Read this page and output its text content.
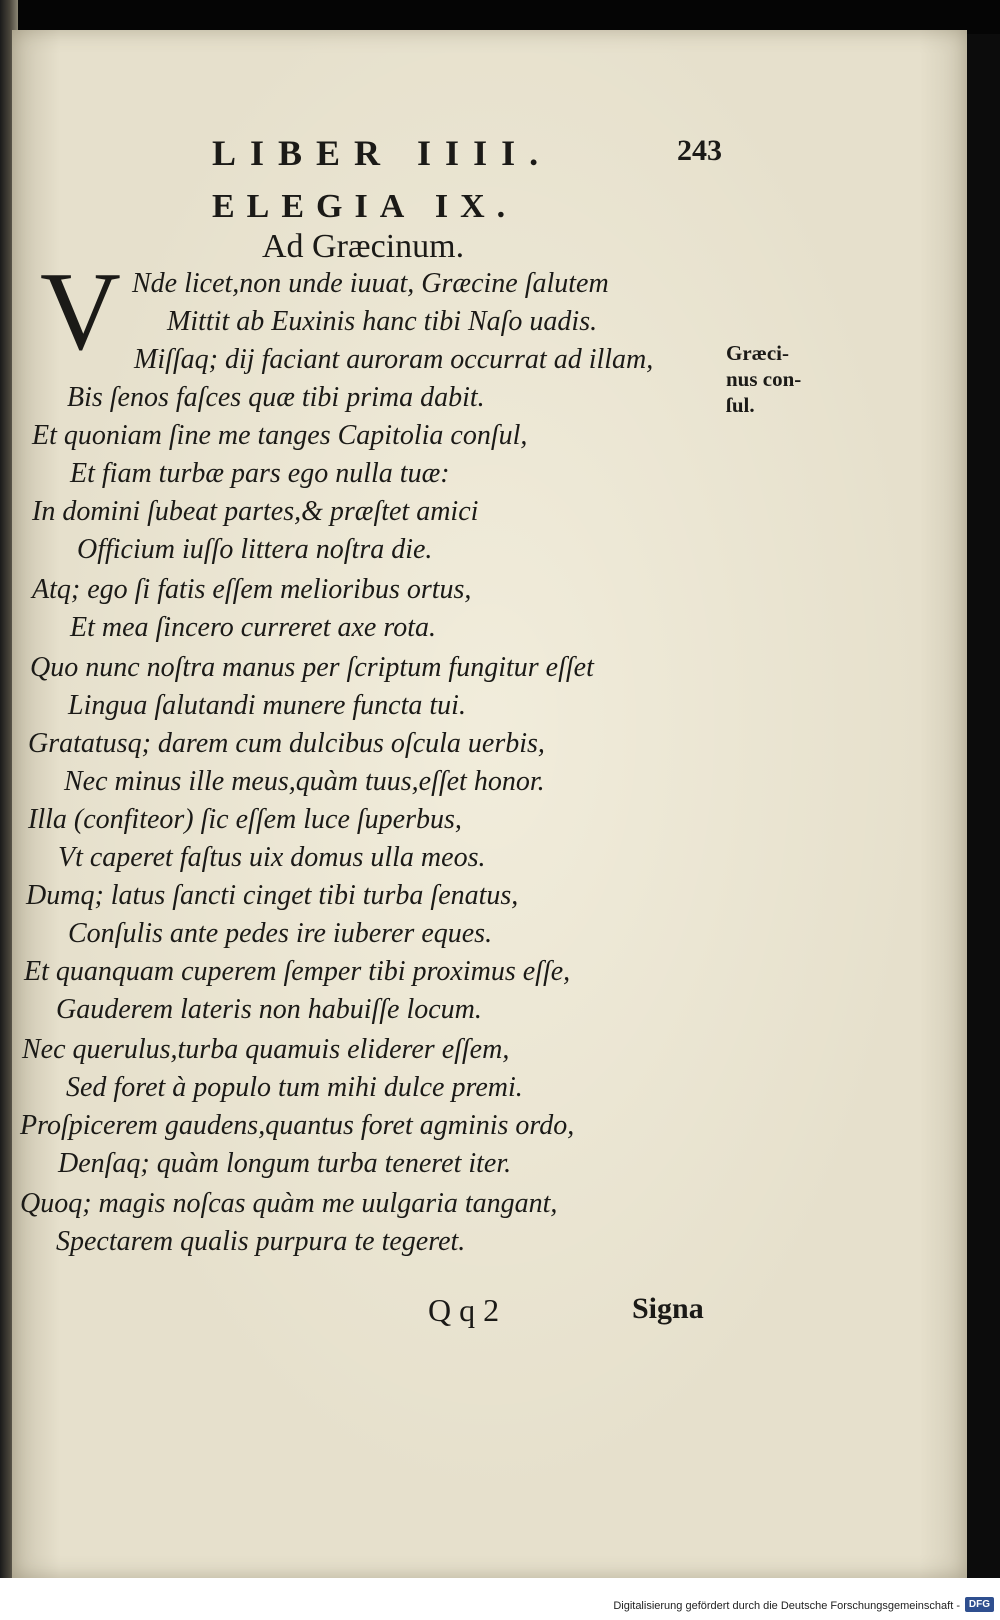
LIBER IIII.	243
ELEGIA IX.
Ad Græcinum.
V Nde licet,non unde iuuat, Græcine ſalutem
Mittit ab Euxinis hanc tibi Naſo uadis.
Miſſaq; dij faciant auroram occurrat ad illam,
Bis ſenos faſces quæ tibi prima dabit.
Et quoniam ſine me tanges Capitolia conſul,
Et fiam turbæ pars ego nulla tuæ:
In domini ſubeat partes,& præſtet amici
Officium iuſſo littera noſtra die.
Atq; ego ſi fatis eſſem melioribus ortus,
Et mea ſincero curreret axe rota.
Quo nunc noſtra manus per ſcriptum fungitur eſſet
Lingua ſalutandi munere functa tui.
Gratatusq; darem cum dulcibus oſcula uerbis,
Nec minus ille meus,quàm tuus,eſſet honor.
Illa (confiteor) ſic eſſem luce ſuperbus,
Vt caperet faſtus uix domus ulla meos.
Dumq; latus ſancti cinget tibi turba ſenatus,
Conſulis ante pedes ire iuberer eques.
Et quanquam cuperem ſemper tibi proximus eſſe,
Gauderem lateris non habuiſſe locum.
Nec querulus,turba quamuis eliderer eſſem,
Sed foret à populo tum mihi dulce premi.
Proſpicerem gaudens,quantus foret agminis ordo,
Denſaq; quàm longum turba teneret iter.
Quoq; magis noſcas quàm me uulgaria tangant,
Spectarem qualis purpura te tegeret.
Græci-
nus con-
ſul.
Q q 2	Signa
Digitalisierung gefördert durch die Deutsche Forschungsgemeinschaft - DFG
